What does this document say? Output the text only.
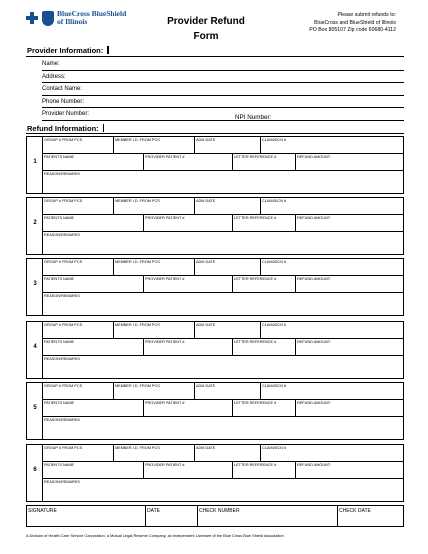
BlueCross BlueShield
of Illinois	Provider Refund
Form
Please submit refunds to:
BlueCross and BlueShield of Illinois
PO Box 805107 Zip code 60680-4112
Provider Information:
Name:
Address:
Contact Name:
Phone Number:
Provider Number:	NPI Number:
Refund Information:
1
GROUP # FROM PCS	MEMBER I.D. FROM PCS	ADM DATE	CLAIM/DCN #
PATIENTS NAME	PROVIDER PATIENT #	LETTER REFERENCE #	REFUND AMOUNT:
REASON/REMARKS
2
GROUP # FROM PCS	MEMBER I.D. FROM PCS	ADM DATE	CLAIM/DCN #
PATIENTS NAME	PROVIDER PATIENT #	LETTER REFERENCE #	REFUND AMOUNT:
REASON/REMARKS
3
GROUP # FROM PCS	MEMBER I.D. FROM PCS	ADM DATE	CLAIM/DCN #
PATIENTS NAME	PROVIDER PATIENT #	LETTER REFERENCE #	REFUND AMOUNT:
REASON/REMARKS
4
GROUP # FROM PCS	MEMBER I.D. FROM PCS	ADM DATE	CLAIM/DCN #
PATIENTS NAME	PROVIDER PATIENT #	LETTER REFERENCE #	REFUND AMOUNT:
REASON/REMARKS
5
GROUP # FROM PCS	MEMBER I.D. FROM PCS	ADM DATE	CLAIM/DCN #
PATIENTS NAME	PROVIDER PATIENT #	LETTER REFERENCE #	REFUND AMOUNT:
REASON/REMARKS
6
GROUP # FROM PCS	MEMBER I.D. FROM PCS	ADM DATE	CLAIM/DCN #
PATIENTS NAME	PROVIDER PATIENT #	LETTER REFERENCE #	REFUND AMOUNT:
REASON/REMARKS
SIGNATURE	DATE	CHECK NUMBER	CHECK DATE
A Division of Health Care Service Corporation, a Mutual Legal Reserve Company, an Independent Licensee of the Blue Cross Blue Shield Association
